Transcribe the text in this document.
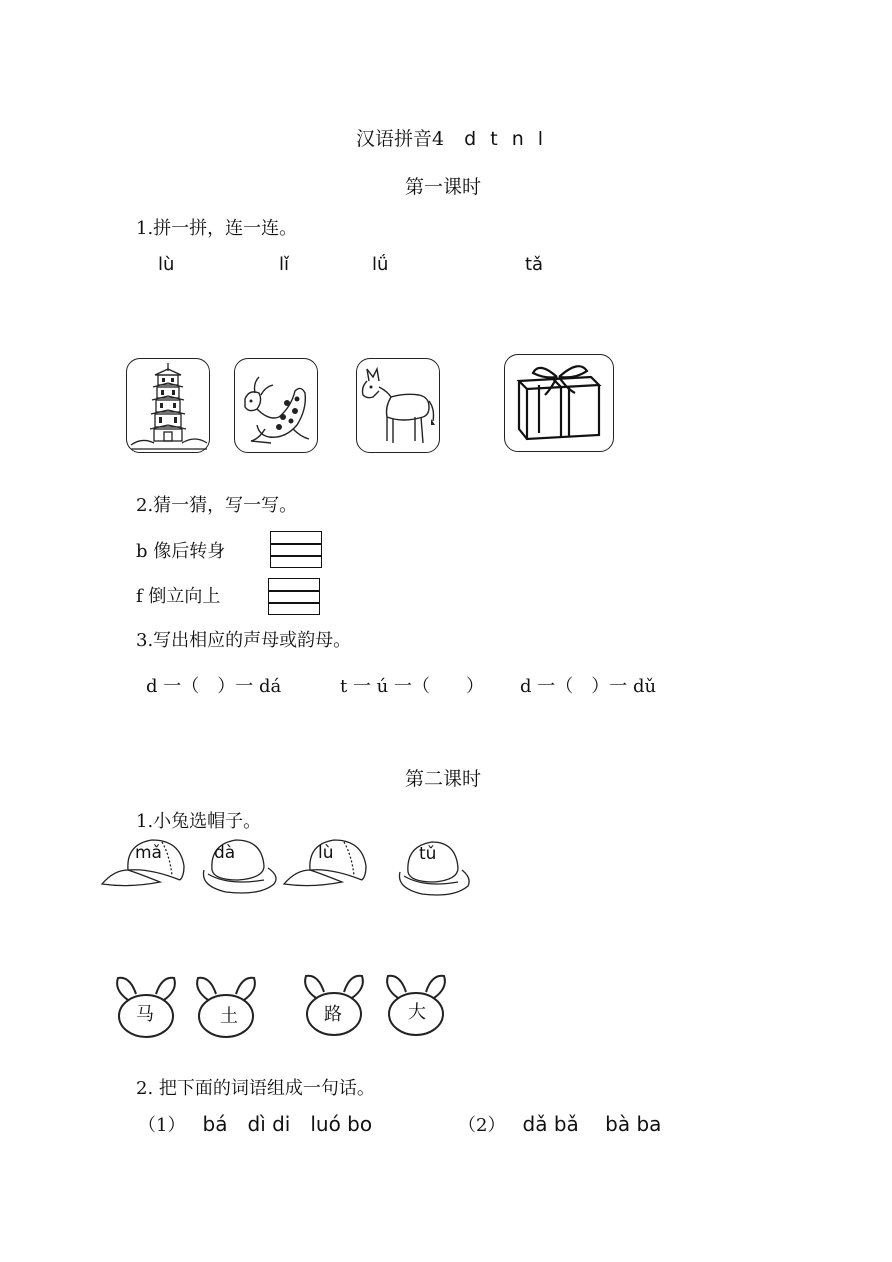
汉语拼音4 d t n l
第一课时
1.拼一拼，连一连。
lù	lǐ	lǘ	tǎ
2.猜一猜，写一写。
b 像后转身
f 倒立向上
3.写出相应的声母或韵母。
d 一（　）一 dá	t 一 ú 一（　　） d 一（　）一 dǔ
第二课时
1.小兔选帽子。
mǎ	dà	lù	tǔ
马	土	路	大
2. 把下面的词语组成一句话。
（1） bá　dì di　luó bo	（2） dǎ bǎ　 bà ba
